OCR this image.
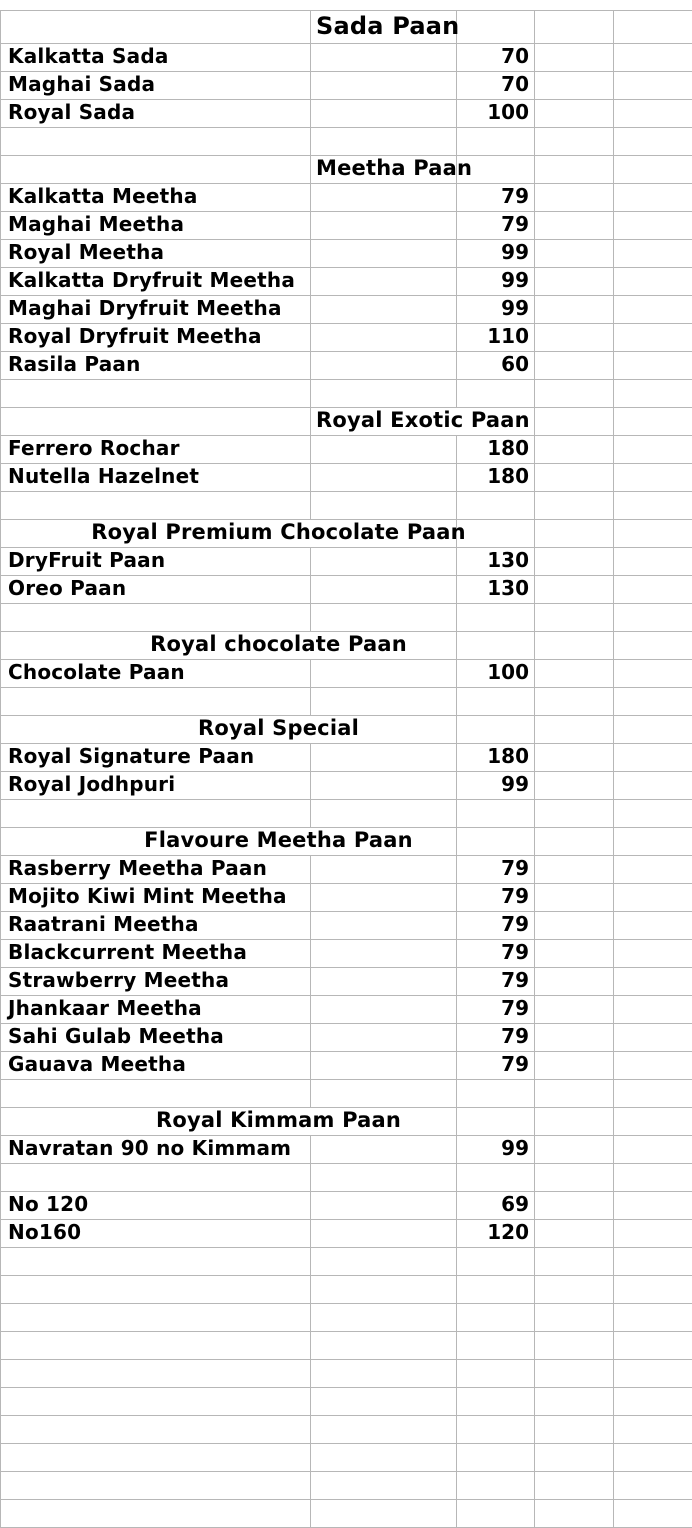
Sada Paan
Kalkatta Sada	70
Maghai Sada	70
Royal Sada	100
Meetha Paan
Kalkatta Meetha	79
Maghai Meetha	79
Royal Meetha	99
Kalkatta Dryfruit Meetha	99
Maghai Dryfruit Meetha	99
Royal Dryfruit Meetha	110
Rasila Paan	60
Royal Exotic Paan
Ferrero Rochar	180
Nutella Hazelnet	180
Royal Premium Chocolate Paan
DryFruit Paan	130
Oreo Paan	130
Royal chocolate Paan
Chocolate Paan	100
Royal Special
Royal Signature Paan	180
Royal Jodhpuri	99
Flavoure Meetha Paan
Rasberry Meetha Paan	79
Mojito Kiwi Mint Meetha	79
Raatrani Meetha	79
Blackcurrent Meetha	79
Strawberry Meetha	79
Jhankaar Meetha	79
Sahi Gulab Meetha	79
Gauava Meetha	79
Royal Kimmam Paan
Navratan 90 no Kimmam	99
No 120	69
No160	120
